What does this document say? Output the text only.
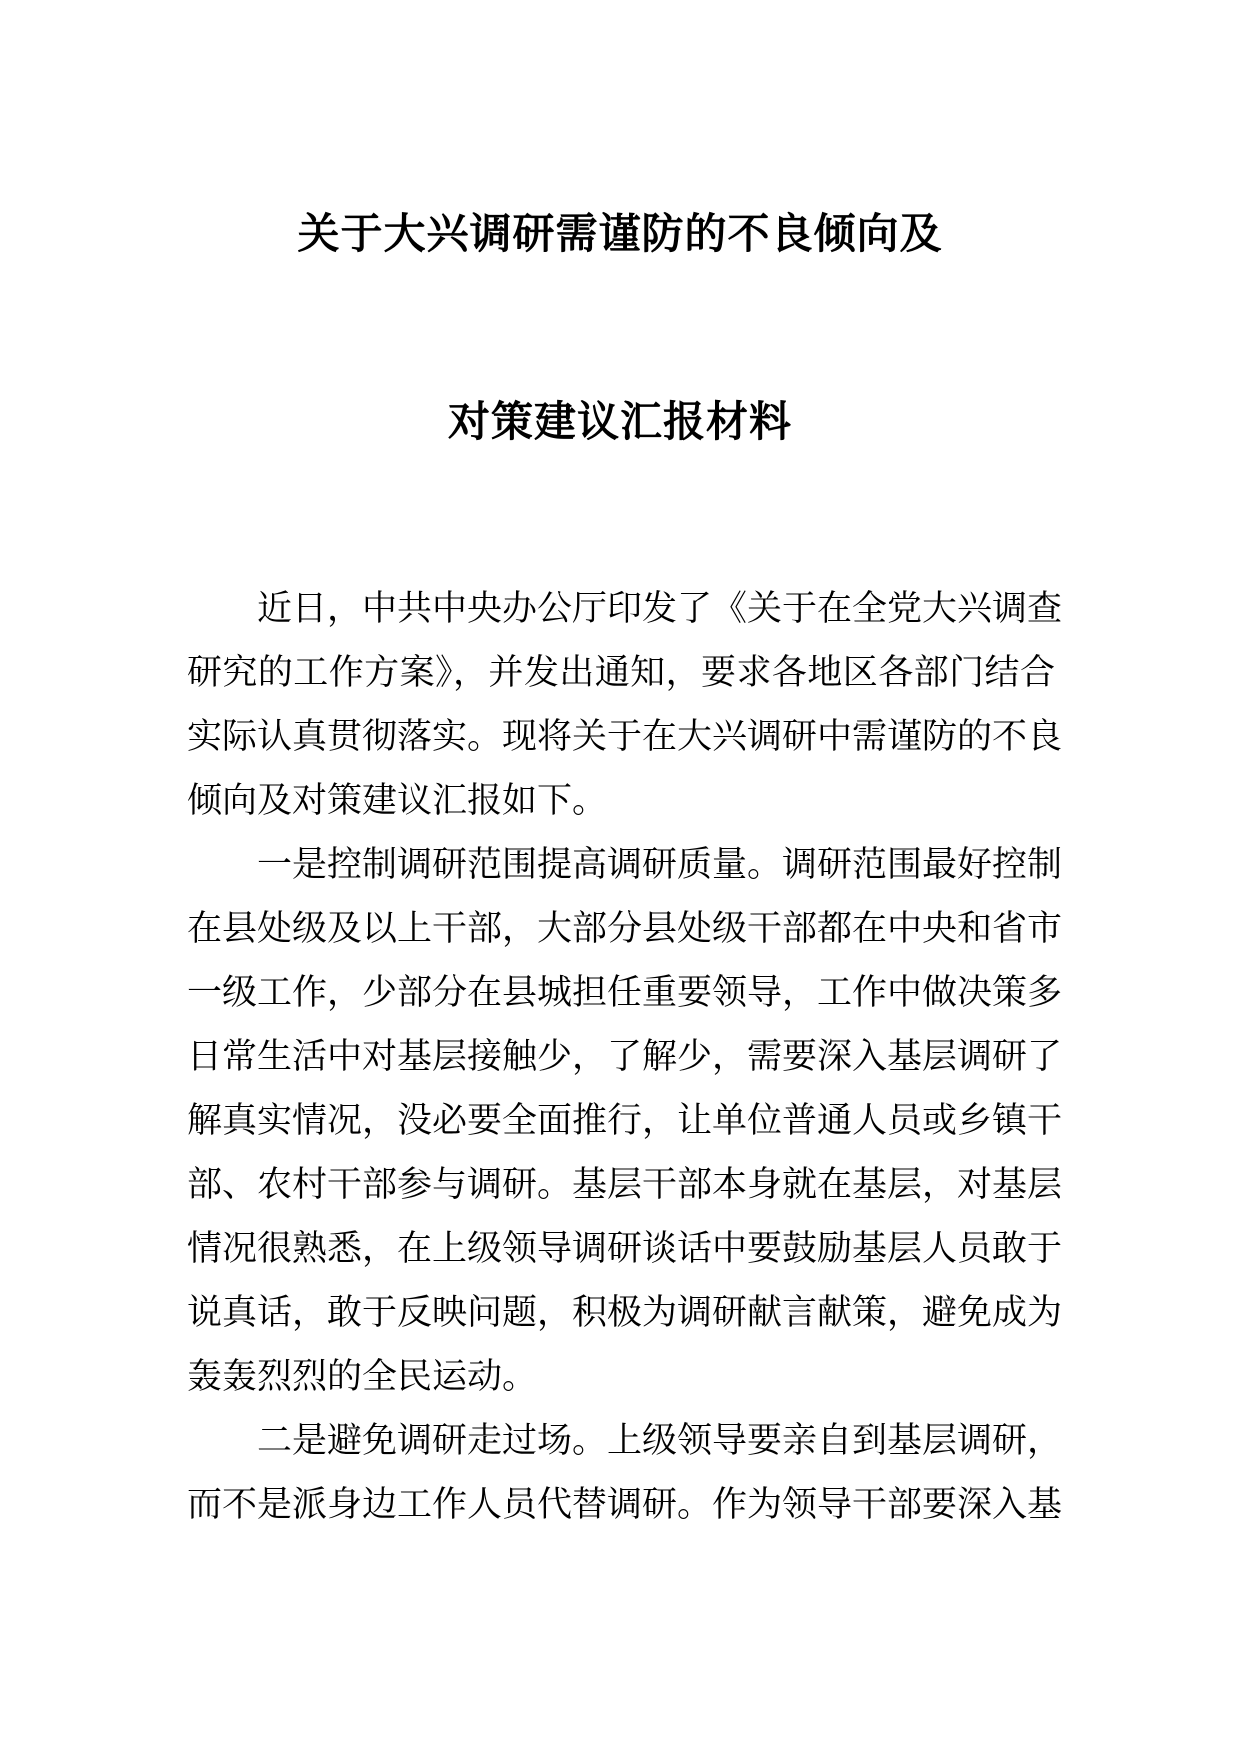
关于大兴调研需谨防的不良倾向及
对策建议汇报材料
近日，中共中央办公厅印发了《关于在全党大兴调查
研究的工作方案》，并发出通知，要求各地区各部门结合
实际认真贯彻落实。现将关于在大兴调研中需谨防的不良
倾向及对策建议汇报如下。
一是控制调研范围提高调研质量。调研范围最好控制
在县处级及以上干部，大部分县处级干部都在中央和省市
一级工作，少部分在县城担任重要领导，工作中做决策多
日常生活中对基层接触少，了解少，需要深入基层调研了
解真实情况，没必要全面推行，让单位普通人员或乡镇干
部、农村干部参与调研。基层干部本身就在基层，对基层
情况很熟悉，在上级领导调研谈话中要鼓励基层人员敢于
说真话，敢于反映问题，积极为调研献言献策，避免成为
轰轰烈烈的全民运动。
二是避免调研走过场。上级领导要亲自到基层调研，
而不是派身边工作人员代替调研。作为领导干部要深入基
